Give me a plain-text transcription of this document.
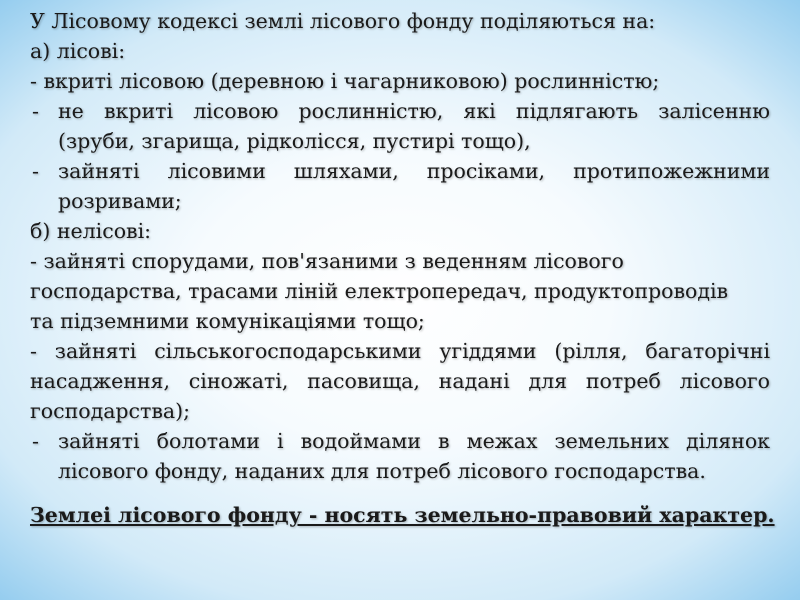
У Лісовому кодексі землі лісового фонду поділяються на:
а) лісові:
- вкриті лісовою (деревною і чагарниковою) рослинністю;
- не вкриті лісовою рослинністю, які підлягають залісенню
(зруби, згарища, рідколісся, пустирі тощо),
- зайняті лісовими шляхами, просіками, протипожежними
розривами;
б) нелісові:
- зайняті спорудами, пов'язаними з веденням лісового
господарства, трасами ліній електропередач, продуктопроводів
та підземними комунікаціями тощо;
- зайняті сільськогосподарськими угіддями (рілля, багаторічні
насадження, сіножаті, пасовища, надані для потреб лісового
господарства);
- зайняті болотами і водоймами в межах земельних ділянок
лісового фонду, наданих для потреб лісового господарства.
Землеі лісового фонду - носять земельно-правовий характер.
